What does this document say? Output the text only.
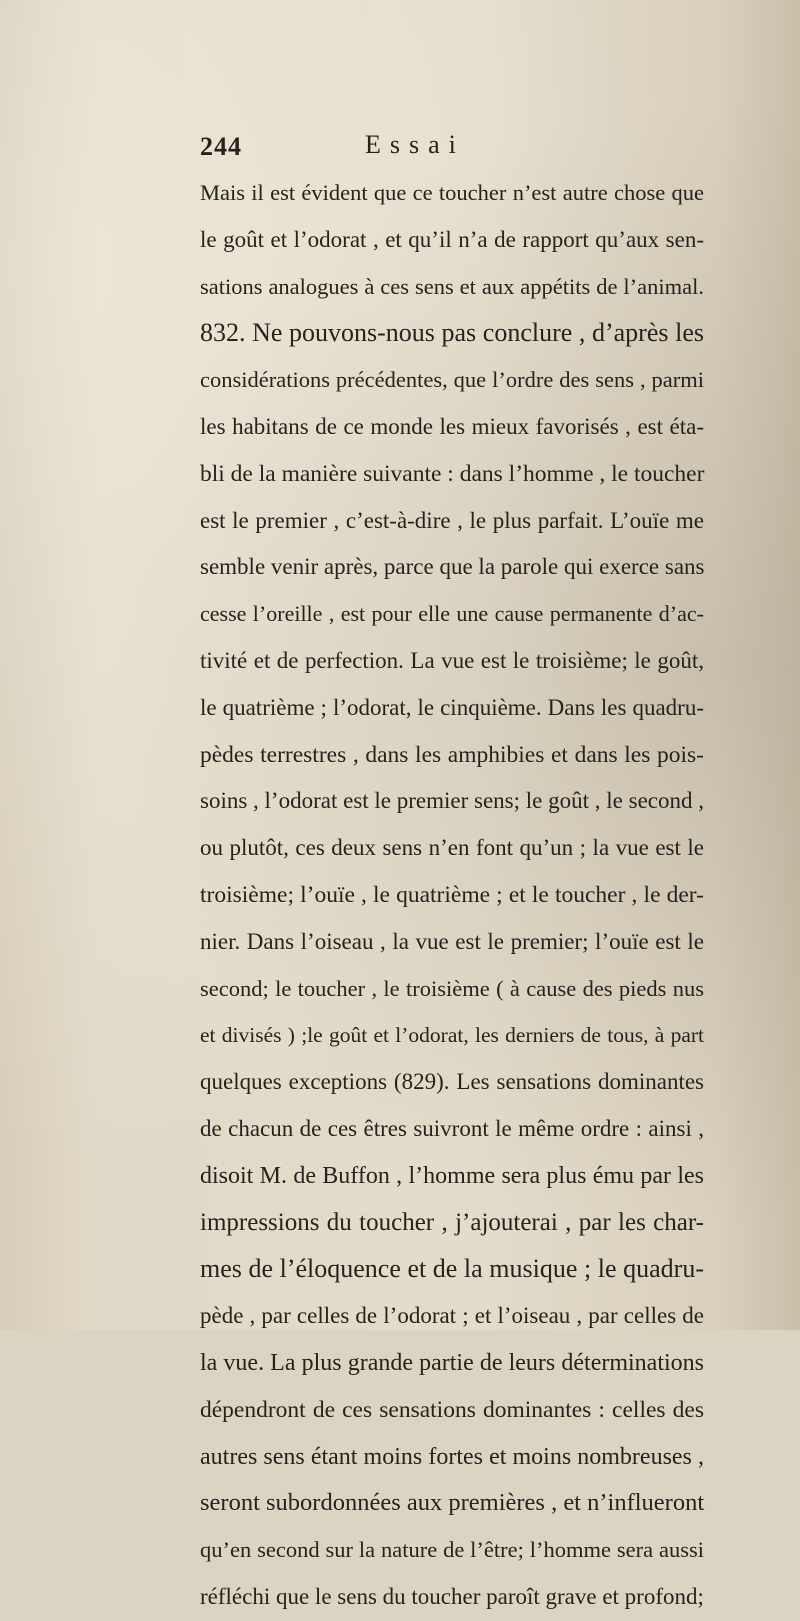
244	Essai
Mais il est évident que ce toucher n’est autre chose que
le goût et l’odorat , et qu’il n’a de rapport qu’aux sen-
sations analogues à ces sens et aux appétits de l’animal.
832. Ne pouvons-nous pas conclure , d’après les
considérations précédentes, que l’ordre des sens , parmi
les habitans de ce monde les mieux favorisés , est éta-
bli de la manière suivante : dans l’homme , le toucher
est le premier , c’est-à-dire , le plus parfait. L’ouïe me
semble venir après, parce que la parole qui exerce sans
cesse l’oreille , est pour elle une cause permanente d’ac-
tivité et de perfection. La vue est le troisième; le goût,
le quatrième ; l’odorat, le cinquième. Dans les quadru-
pèdes terrestres , dans les amphibies et dans les pois-
soins , l’odorat est le premier sens; le goût , le second ,
ou plutôt, ces deux sens n’en font qu’un ; la vue est le
troisième; l’ouïe , le quatrième ; et le toucher , le der-
nier. Dans l’oiseau , la vue est le premier; l’ouïe est le
second; le toucher , le troisième ( à cause des pieds nus
et divisés ) ;le goût et l’odorat, les derniers de tous, à part
quelques exceptions (829). Les sensations dominantes
de chacun de ces êtres suivront le même ordre : ainsi ,
disoit M. de Buffon , l’homme sera plus ému par les
impressions du toucher , j’ajouterai , par les char-
mes de l’éloquence et de la musique ; le quadru-
pède , par celles de l’odorat ; et l’oiseau , par celles de
la vue. La plus grande partie de leurs déterminations
dépendront de ces sensations dominantes : celles des
autres sens étant moins fortes et moins nombreuses ,
seront subordonnées aux premières , et n’influeront
qu’en second sur la nature de l’être; l’homme sera aussi
réfléchi que le sens du toucher paroît grave et profond;
